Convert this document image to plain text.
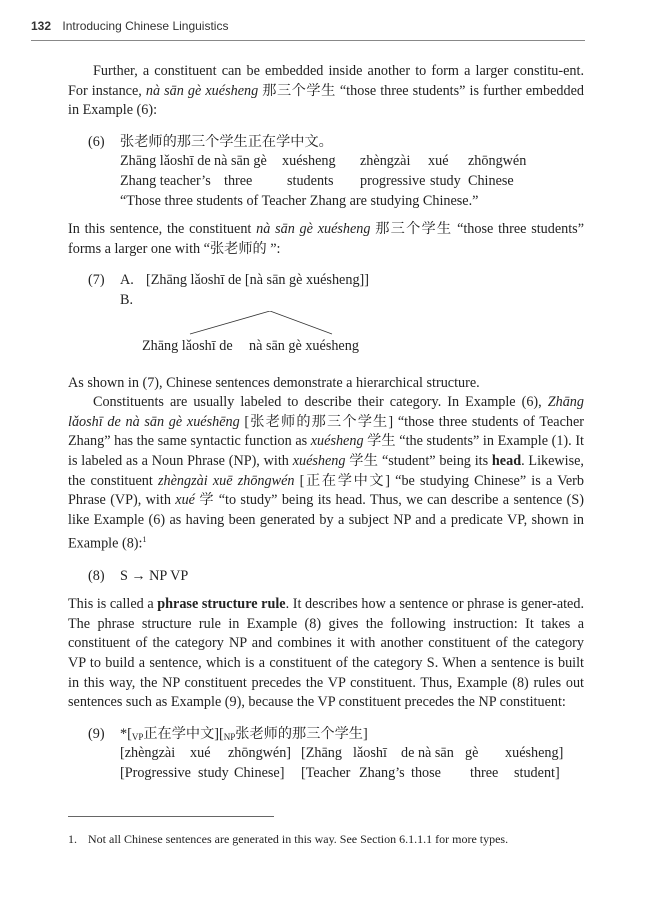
132 Introducing Chinese Linguistics

Further, a constituent can be embedded inside another to form a larger constitu-ent. For instance, nà sān gè xuésheng 那三个学生 “those three students” is further embedded in Example (6):

(6) 张老师的那三个学生正在学中文。
Zhāng lǎoshī de nà sān gè xuésheng zhèngzài xué zhōngwén
Zhang teacher’s three students progressive study Chinese
“Those three students of Teacher Zhang are studying Chinese.”

In this sentence, the constituent nà sān gè xuésheng 那三个学生 “those three students” forms a larger one with “张老师的 ”:

(7) A. [Zhāng lǎoshī de [nà sān gè xuésheng]]
B.
Zhāng lǎoshī de nà sān gè xuésheng

As shown in (7), Chinese sentences demonstrate a hierarchical structure.

Constituents are usually labeled to describe their category. In Example (6), Zhāng lǎoshī de nà sān gè xuéshēng [张老师的那三个学生] “those three students of Teacher Zhang” has the same syntactic function as xuésheng 学生 “the students” in Example (1). It is labeled as a Noun Phrase (NP), with xuésheng 学生 “student” being its head. Likewise, the constituent zhèngzài xuē zhōngwén [正在学中文] “be studying Chinese” is a Verb Phrase (VP), with xué 学 “to study” being its head. Thus, we can describe a sentence (S) like Example (6) as having been generated by a subject NP and a predicate VP, shown in Example (8):$^1$

(8) S → NP VP

This is called a phrase structure rule. It describes how a sentence or phrase is gener-ated. The phrase structure rule in Example (8) gives the following instruction: It takes a constituent of the category NP and combines it with another constituent of the category VP to build a sentence, which is a constituent of the category S. When a sentence is built in this way, the NP constituent precedes the VP constituent. Thus, Example (8) rules out sentences such as Example (9), because the VP constituent precedes the NP constituent:

(9) *[VP正在学中文][NP张老师的那三个学生]
[zhèngzài xué zhōngwén] [Zhāng lǎoshī de nà sān gè xuésheng]
[Progressive study Chinese] [Teacher Zhang’s those three student]
1. Not all Chinese sentences are generated in this way. See Section 6.1.1.1 for more types.
